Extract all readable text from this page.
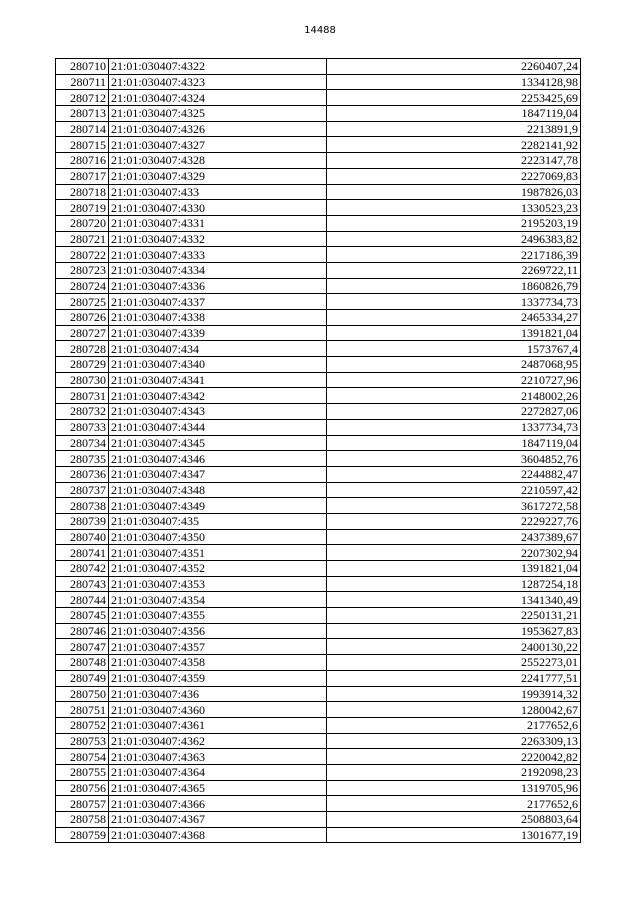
14488
280710	21:01:030407:4322	2260407,24
280711	21:01:030407:4323	1334128,98
280712	21:01:030407:4324	2253425,69
280713	21:01:030407:4325	1847119,04
280714	21:01:030407:4326	2213891,9
280715	21:01:030407:4327	2282141,92
280716	21:01:030407:4328	2223147,78
280717	21:01:030407:4329	2227069,83
280718	21:01:030407:433	1987826,03
280719	21:01:030407:4330	1330523,23
280720	21:01:030407:4331	2195203,19
280721	21:01:030407:4332	2496383,82
280722	21:01:030407:4333	2217186,39
280723	21:01:030407:4334	2269722,11
280724	21:01:030407:4336	1860826,79
280725	21:01:030407:4337	1337734,73
280726	21:01:030407:4338	2465334,27
280727	21:01:030407:4339	1391821,04
280728	21:01:030407:434	1573767,4
280729	21:01:030407:4340	2487068,95
280730	21:01:030407:4341	2210727,96
280731	21:01:030407:4342	2148002,26
280732	21:01:030407:4343	2272827,06
280733	21:01:030407:4344	1337734,73
280734	21:01:030407:4345	1847119,04
280735	21:01:030407:4346	3604852,76
280736	21:01:030407:4347	2244882,47
280737	21:01:030407:4348	2210597,42
280738	21:01:030407:4349	3617272,58
280739	21:01:030407:435	2229227,76
280740	21:01:030407:4350	2437389,67
280741	21:01:030407:4351	2207302,94
280742	21:01:030407:4352	1391821,04
280743	21:01:030407:4353	1287254,18
280744	21:01:030407:4354	1341340,49
280745	21:01:030407:4355	2250131,21
280746	21:01:030407:4356	1953627,83
280747	21:01:030407:4357	2400130,22
280748	21:01:030407:4358	2552273,01
280749	21:01:030407:4359	2241777,51
280750	21:01:030407:436	1993914,32
280751	21:01:030407:4360	1280042,67
280752	21:01:030407:4361	2177652,6
280753	21:01:030407:4362	2263309,13
280754	21:01:030407:4363	2220042,82
280755	21:01:030407:4364	2192098,23
280756	21:01:030407:4365	1319705,96
280757	21:01:030407:4366	2177652,6
280758	21:01:030407:4367	2508803,64
280759	21:01:030407:4368	1301677,19
